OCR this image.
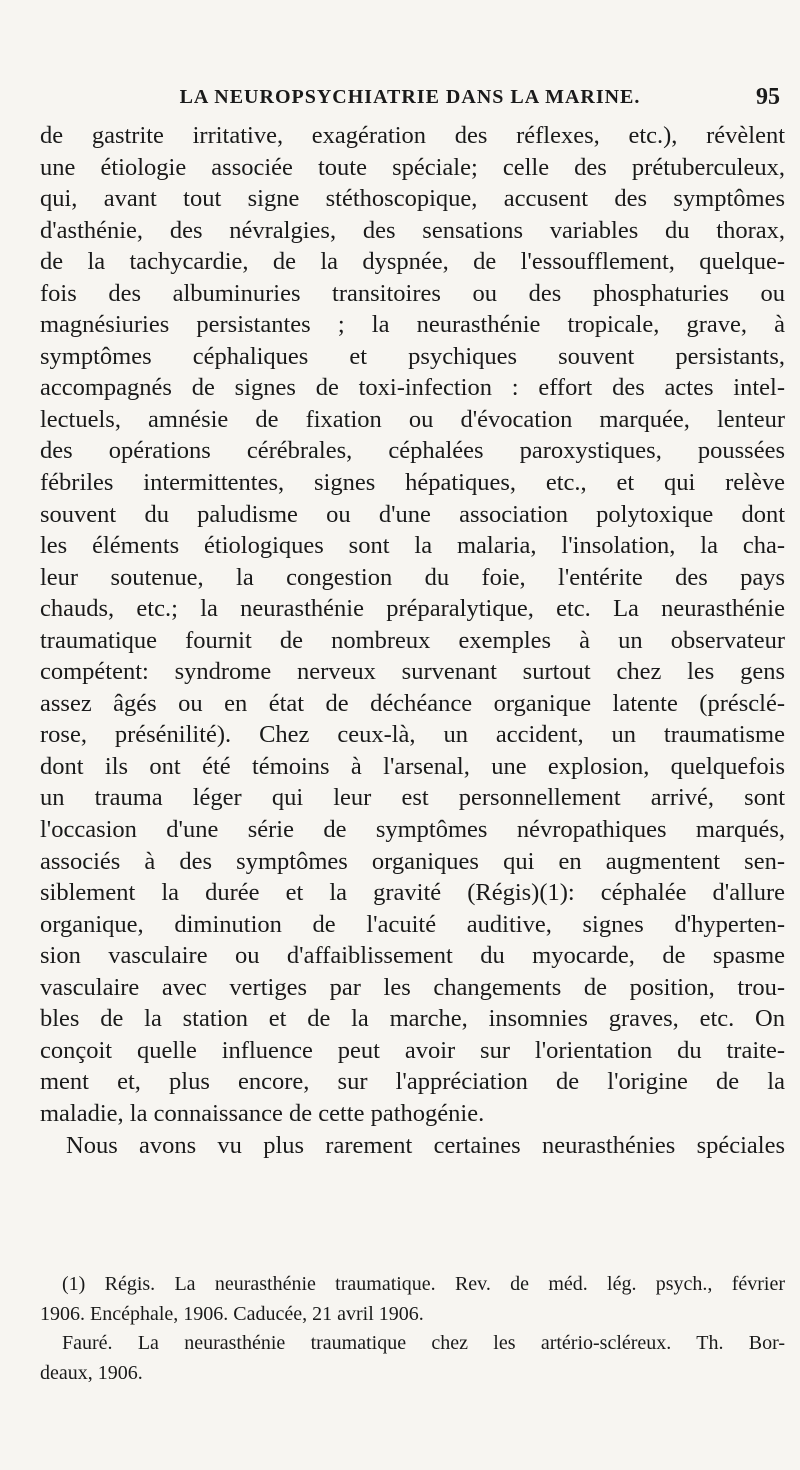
LA NEUROPSYCHIATRIE DANS LA MARINE.	95
de gastrite irritative, exagération des réflexes, etc.), révèlent
une étiologie associée toute spéciale; celle des prétuberculeux,
qui, avant tout signe stéthoscopique, accusent des symptômes
d'asthénie, des névralgies, des sensations variables du thorax,
de la tachycardie, de la dyspnée, de l'essoufflement, quelque-
fois des albuminuries transitoires ou des phosphaturies ou
magnésiuries persistantes ; la neurasthénie tropicale, grave, à
symptômes céphaliques et psychiques souvent persistants,
accompagnés de signes de toxi-infection : effort des actes intel-
lectuels, amnésie de fixation ou d'évocation marquée, lenteur
des opérations cérébrales, céphalées paroxystiques, poussées
fébriles intermittentes, signes hépatiques, etc., et qui relève
souvent du paludisme ou d'une association polytoxique dont
les éléments étiologiques sont la malaria, l'insolation, la cha-
leur soutenue, la congestion du foie, l'entérite des pays
chauds, etc.; la neurasthénie préparalytique, etc. La neurasthénie
traumatique fournit de nombreux exemples à un observateur
compétent: syndrome nerveux survenant surtout chez les gens
assez âgés ou en état de déchéance organique latente (présclé-
rose, présénilité). Chez ceux-là, un accident, un traumatisme
dont ils ont été témoins à l'arsenal, une explosion, quelquefois
un trauma léger qui leur est personnellement arrivé, sont
l'occasion d'une série de symptômes névropathiques marqués,
associés à des symptômes organiques qui en augmentent sen-
siblement la durée et la gravité (Régis)(1): céphalée d'allure
organique, diminution de l'acuité auditive, signes d'hyperten-
sion vasculaire ou d'affaiblissement du myocarde, de spasme
vasculaire avec vertiges par les changements de position, trou-
bles de la station et de la marche, insomnies graves, etc. On
conçoit quelle influence peut avoir sur l'orientation du traite-
ment et, plus encore, sur l'appréciation de l'origine de la
maladie, la connaissance de cette pathogénie.
Nous avons vu plus rarement certaines neurasthénies spéciales
(1) Régis. La neurasthénie traumatique. Rev. de méd. lég. psych., février
1906. Encéphale, 1906. Caducée, 21 avril 1906.
Fauré. La neurasthénie traumatique chez les artério-scléreux. Th. Bor-
deaux, 1906.
